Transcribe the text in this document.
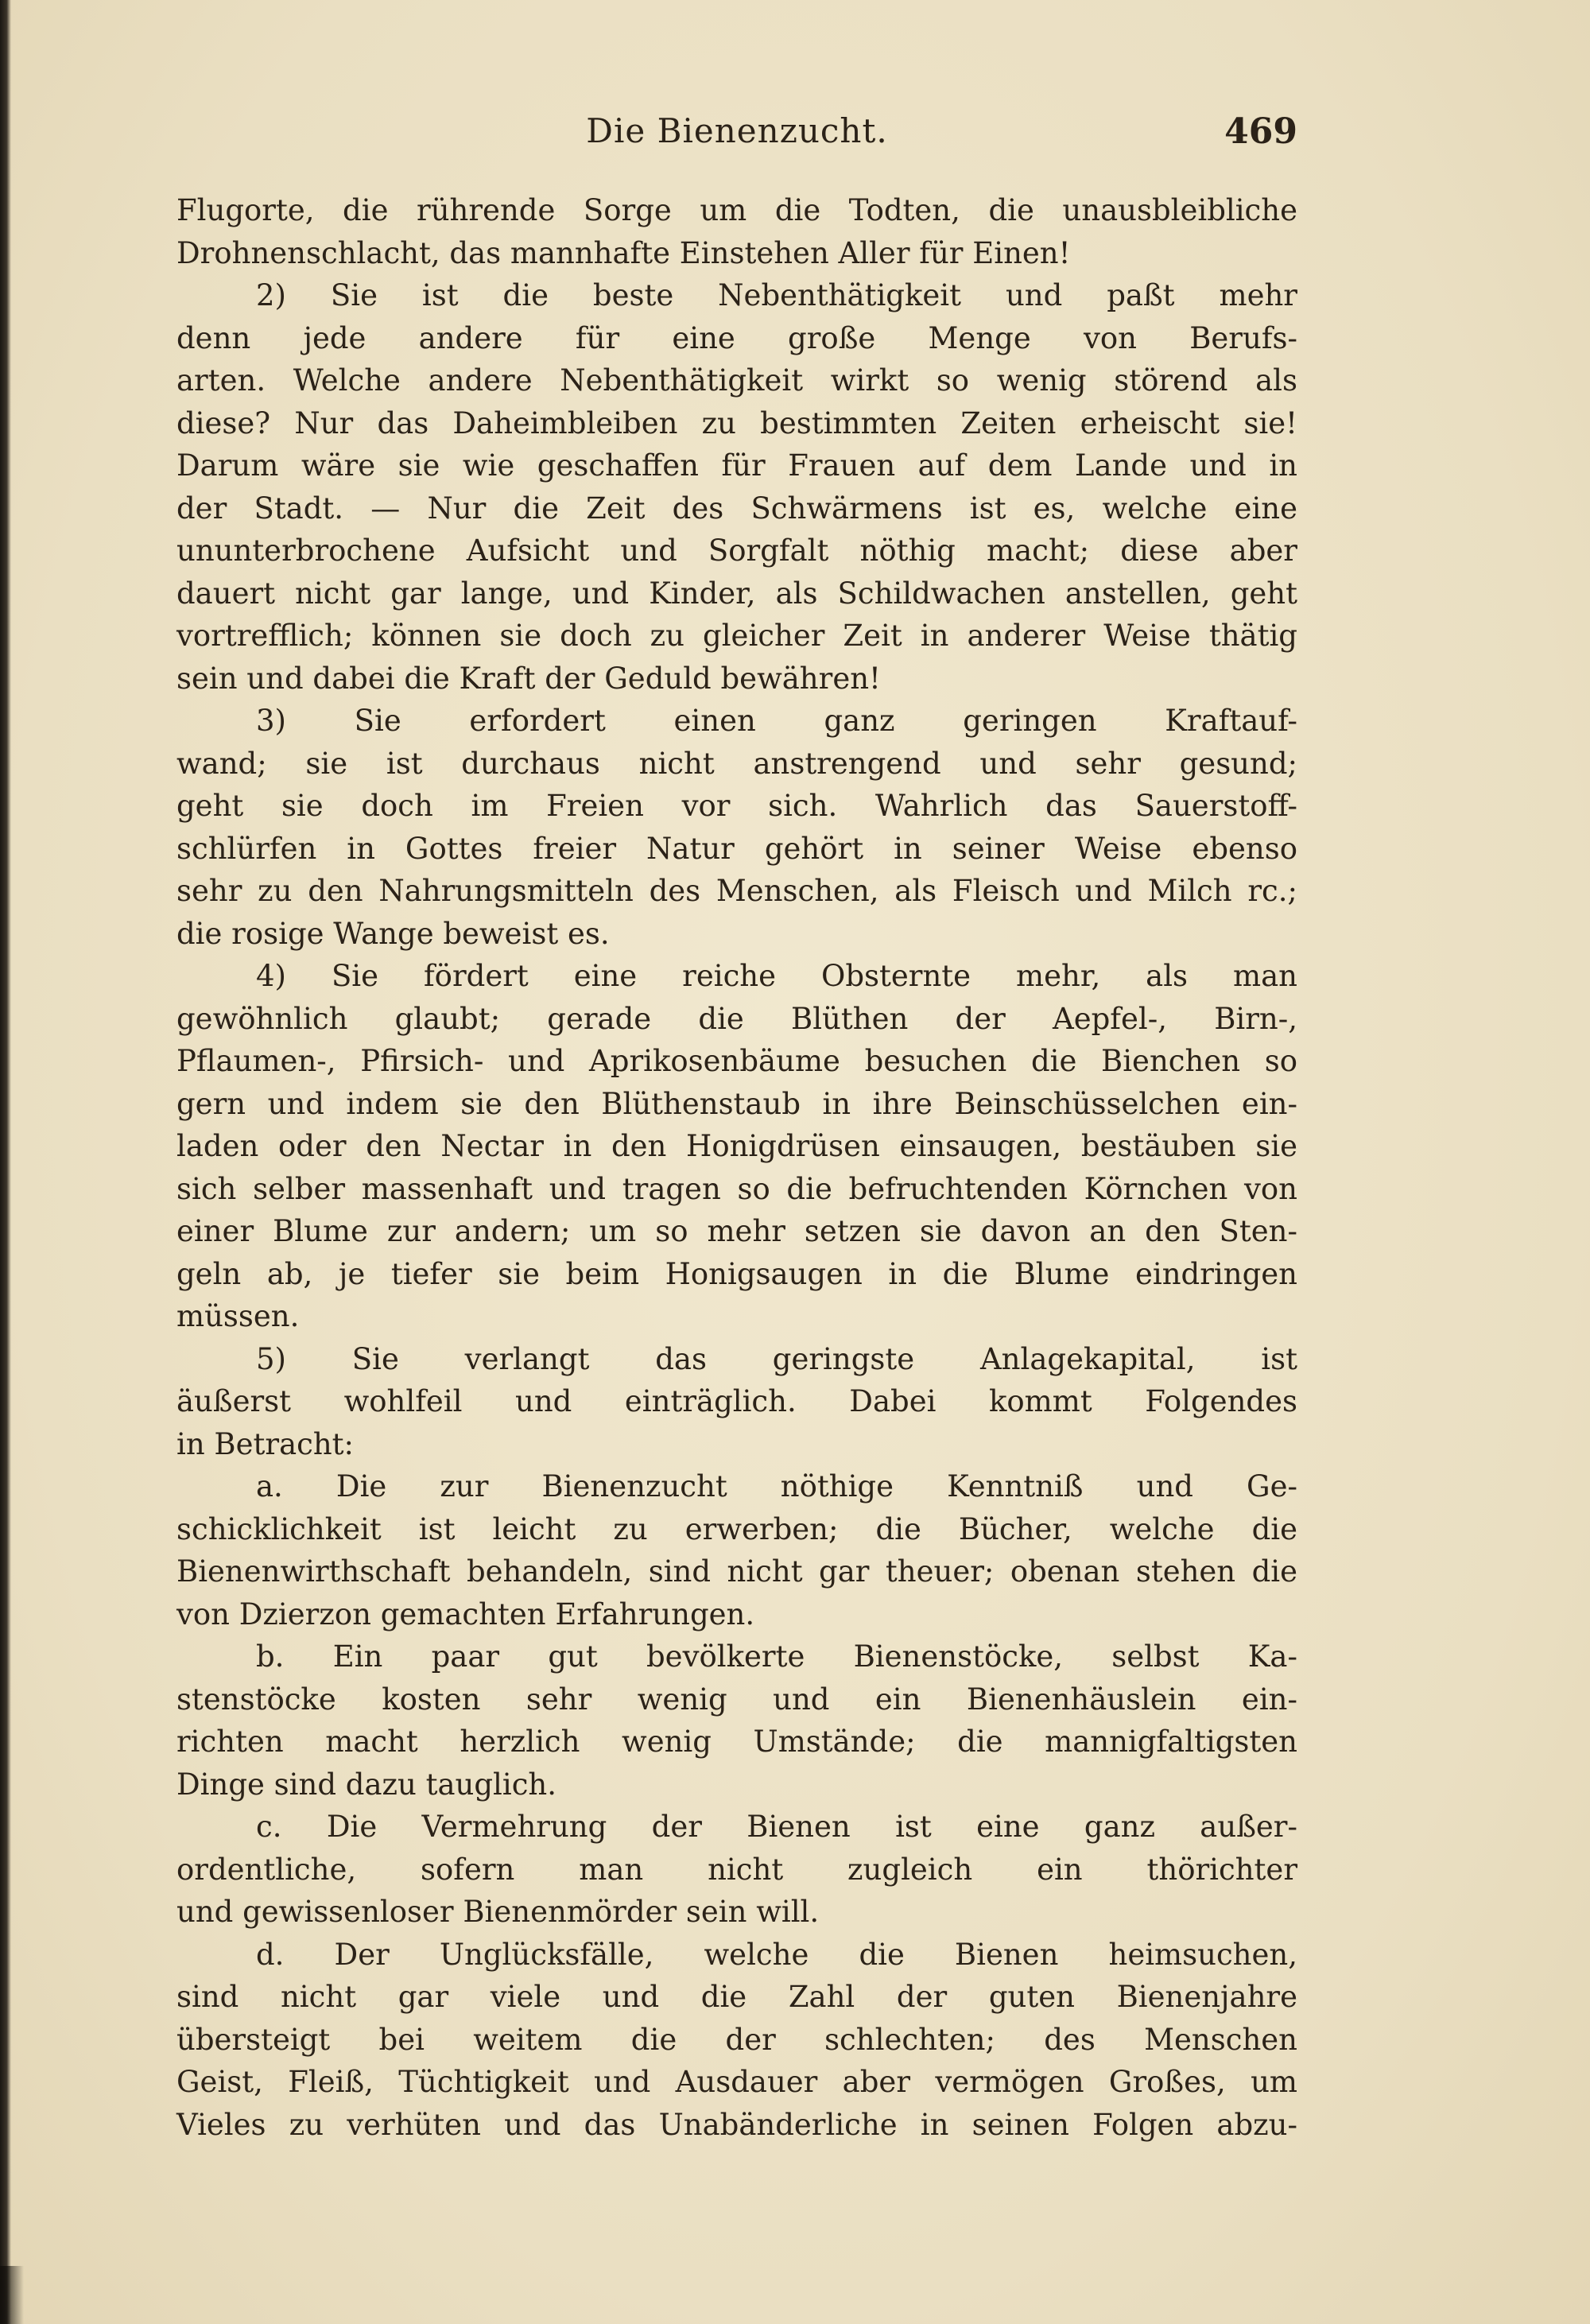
Die Bienenzucht.	469
Flugorte, die rührende Sorge um die Todten, die unausbleibliche
Drohnenschlacht, das mannhafte Einstehen Aller für Einen!
2) Sie ist die beste Nebenthätigkeit und paßt mehr
denn jede andere für eine große Menge von Berufs-
arten. Welche andere Nebenthätigkeit wirkt so wenig störend als
diese? Nur das Daheimbleiben zu bestimmten Zeiten erheischt sie!
Darum wäre sie wie geschaffen für Frauen auf dem Lande und in
der Stadt. — Nur die Zeit des Schwärmens ist es, welche eine
ununterbrochene Aufsicht und Sorgfalt nöthig macht; diese aber
dauert nicht gar lange, und Kinder, als Schildwachen anstellen, geht
vortrefflich; können sie doch zu gleicher Zeit in anderer Weise thätig
sein und dabei die Kraft der Geduld bewähren!
3) Sie erfordert einen ganz geringen Kraftauf-
wand; sie ist durchaus nicht anstrengend und sehr gesund;
geht sie doch im Freien vor sich. Wahrlich das Sauerstoff-
schlürfen in Gottes freier Natur gehört in seiner Weise ebenso
sehr zu den Nahrungsmitteln des Menschen, als Fleisch und Milch rc.;
die rosige Wange beweist es.
4) Sie fördert eine reiche Obsternte mehr, als man
gewöhnlich glaubt; gerade die Blüthen der Aepfel-, Birn-,
Pflaumen-, Pfirsich- und Aprikosenbäume besuchen die Bienchen so
gern und indem sie den Blüthenstaub in ihre Beinschüsselchen ein-
laden oder den Nectar in den Honigdrüsen einsaugen, bestäuben sie
sich selber massenhaft und tragen so die befruchtenden Körnchen von
einer Blume zur andern; um so mehr setzen sie davon an den Sten-
geln ab, je tiefer sie beim Honigsaugen in die Blume eindringen
müssen.
5) Sie verlangt das geringste Anlagekapital, ist
äußerst wohlfeil und einträglich. Dabei kommt Folgendes
in Betracht:
a. Die zur Bienenzucht nöthige Kenntniß und Ge-
schicklichkeit ist leicht zu erwerben; die Bücher, welche die
Bienenwirthschaft behandeln, sind nicht gar theuer; obenan stehen die
von Dzierzon gemachten Erfahrungen.
b. Ein paar gut bevölkerte Bienenstöcke, selbst Ka-
stenstöcke kosten sehr wenig und ein Bienenhäuslein ein-
richten macht herzlich wenig Umstände; die mannigfaltigsten
Dinge sind dazu tauglich.
c. Die Vermehrung der Bienen ist eine ganz außer-
ordentliche, sofern man nicht zugleich ein thörichter
und gewissenloser Bienenmörder sein will.
d. Der Unglücksfälle, welche die Bienen heimsuchen,
sind nicht gar viele und die Zahl der guten Bienenjahre
übersteigt bei weitem die der schlechten; des Menschen
Geist, Fleiß, Tüchtigkeit und Ausdauer aber vermögen Großes, um
Vieles zu verhüten und das Unabänderliche in seinen Folgen abzu-
